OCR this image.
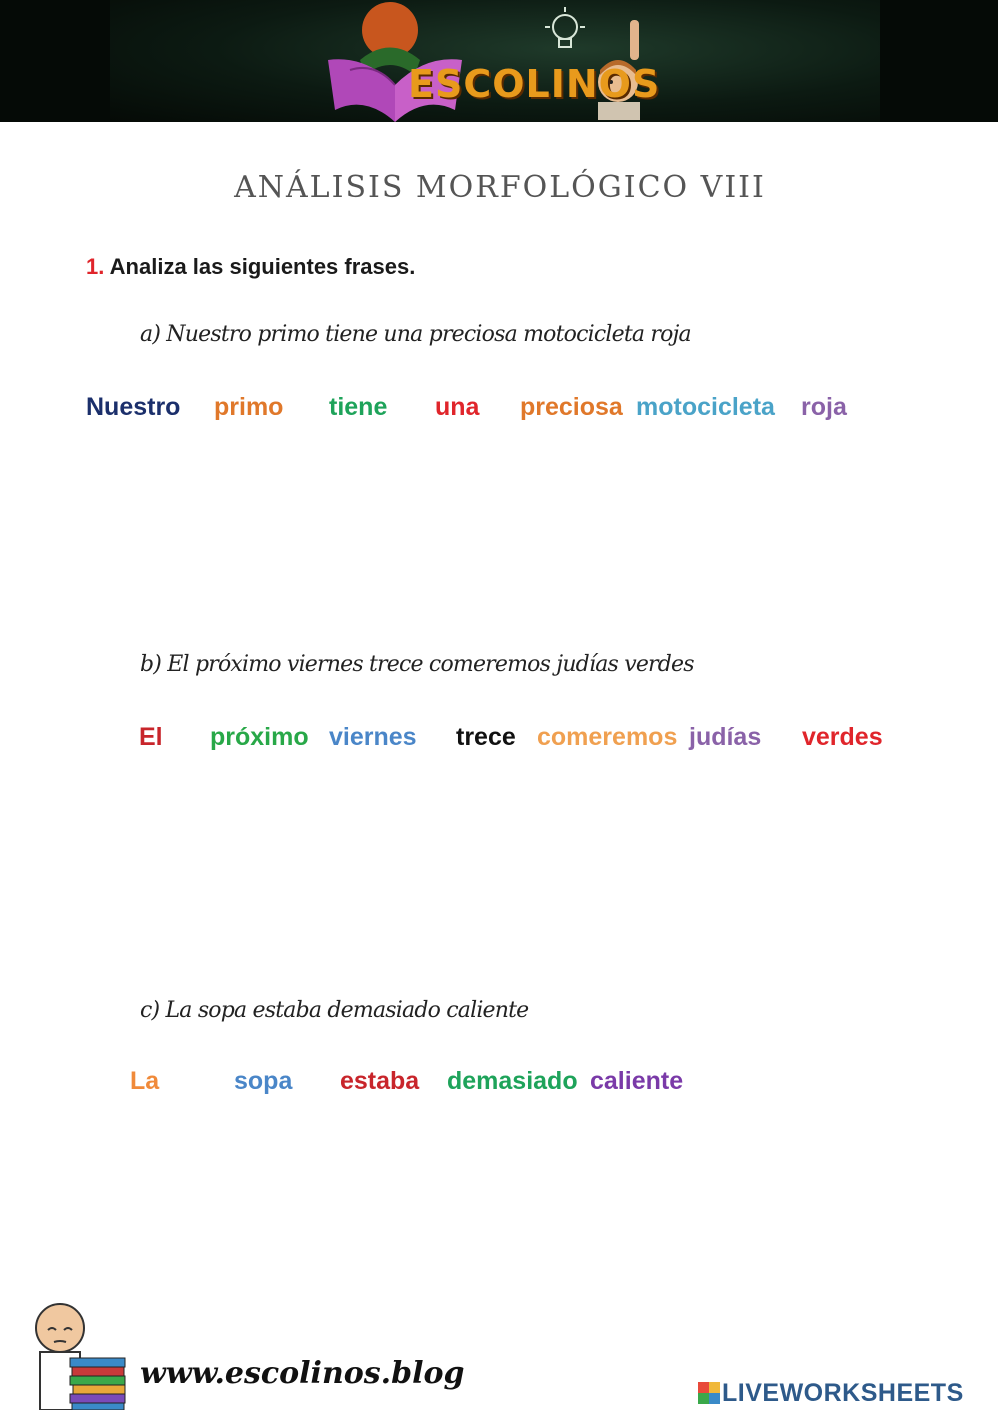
ESCOLINOS
ANÁLISIS MORFOLÓGICO VIII
1. Analiza las siguientes frases.
a) Nuestro primo tiene una preciosa motocicleta roja
Nuestro primo tiene una preciosa motocicleta roja
b) El próximo viernes trece comeremos judías verdes
El próximo viernes trece comeremos judías verdes
c) La sopa estaba demasiado caliente
La	sopa estaba demasiado caliente
www.escolinos.blog
LIVEWORKSHEETS
